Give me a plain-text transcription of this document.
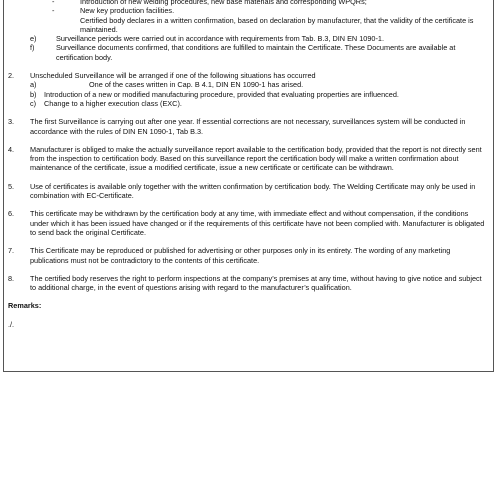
-	Introduction of new welding procedures, new base materials and corresponding WPQRs;
-	New key production facilities.
Certified body declares in a written confirmation, based on declaration by manufacturer, that the validity of the certificate is maintained.
e)	Surveillance periods were carried out in accordance with requirements from Tab. B.3, DIN EN 1090-1.
f)	Surveillance documents confirmed, that conditions are fulfilled to maintain the Certificate. These Documents are available at certification body.
2.	Unscheduled Surveillance will be arranged if one of the following situations has occurred
a)	One of the cases written in Cap. B 4.1, DIN EN 1090-1 has arised.
b)	Introduction of a new or modified manufacturing procedure, provided that evaluating properties are influenced.
c)	Change to a higher execution class (EXC).
3.	The first Surveillance is carrying out after one year. If essential corrections are not necessary, surveillances system will be conducted in accordance with the rules of DIN EN 1090-1, Tab B.3.
4.	Manufacturer is obliged to make the actually surveillance report available to the certification body, provided that the report is not directly sent from the inspection to certification body. Based on this surveillance report the certification body will make a written confirmation about maintenance of the certificate, issue a modified certificate, issue a new certificate or certificate can be withdrawn.
5.	Use of certificates is available only together with the written confirmation by certification body. The Welding Certificate may only be used in combination with EC-Certificate.
6.	This certificate may be withdrawn by the certification body at any time, with immediate effect and without compensation, if the conditions under which it has been issued have changed or if the requirements of this certificate have not been complied with. Manufacturer is obligated to send back the original Certificate.
7.	This Certificate may be reproduced or published for advertising or other purposes only in its entirety. The wording of any marketing publications must not be contradictory to the contents of this certificate.
8.	The certified body reserves the right to perform inspections at the company’s premises at any time, without having to give notice and subject to additional charge, in the event of questions arising with regard to the manufacturer’s qualification.
Remarks:
./.
